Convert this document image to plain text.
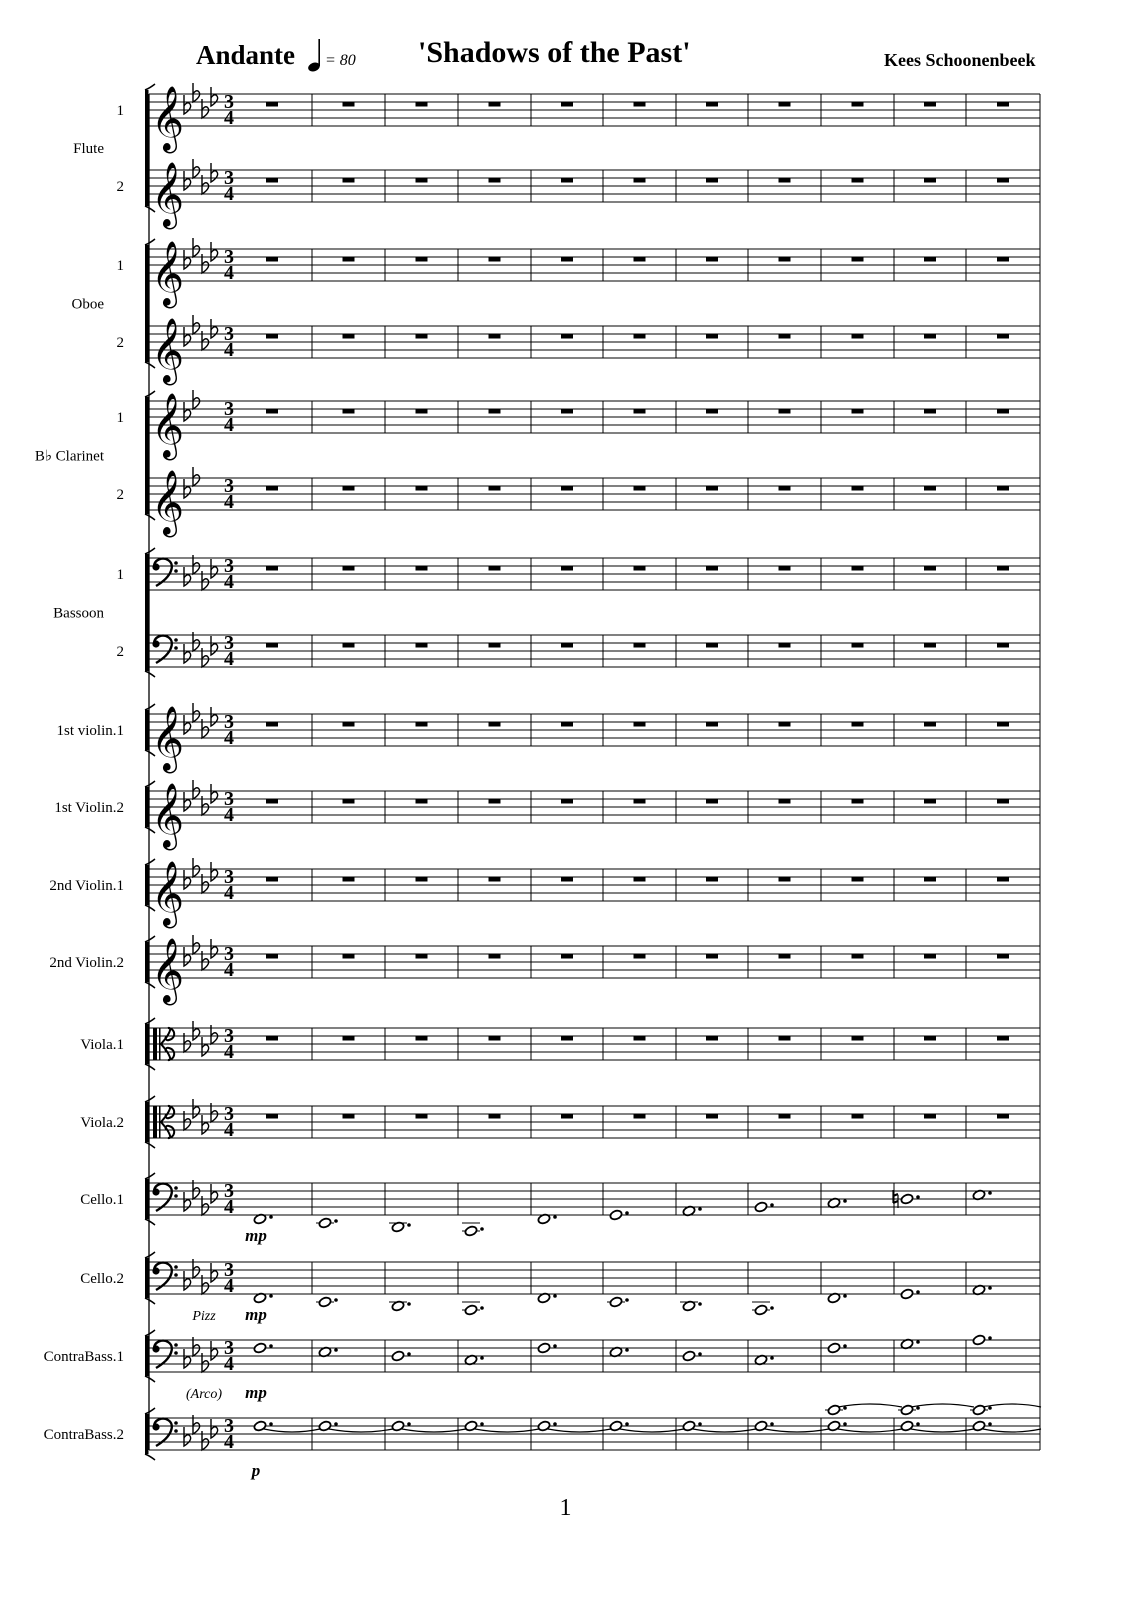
Andante = 80 'Shadows of the Past'	Kees Schoonenbeek
Flute
Oboe
B♭ Clarinet
Bassoon
1 𝄞 3
4
2 𝄞 3
4
1 𝄞 3
4
2 𝄞 3
4
1 𝄞 3
4
2 𝄞 3
4
1	3
4
2	3
4
1st violin.1 𝄞 3
4
1st Violin.2 𝄞 3
4
2nd Violin.1 𝄞 3
4
2nd Violin.2 𝄞 3
4
Viola.1	3
4
Viola.2	3
4
Cello.1	3
4
mp
Cello.2	3
4
mp
Pizz
ContraBass.1	3
4
mp
(Arco)
ContraBass.2	3
4
p
1
